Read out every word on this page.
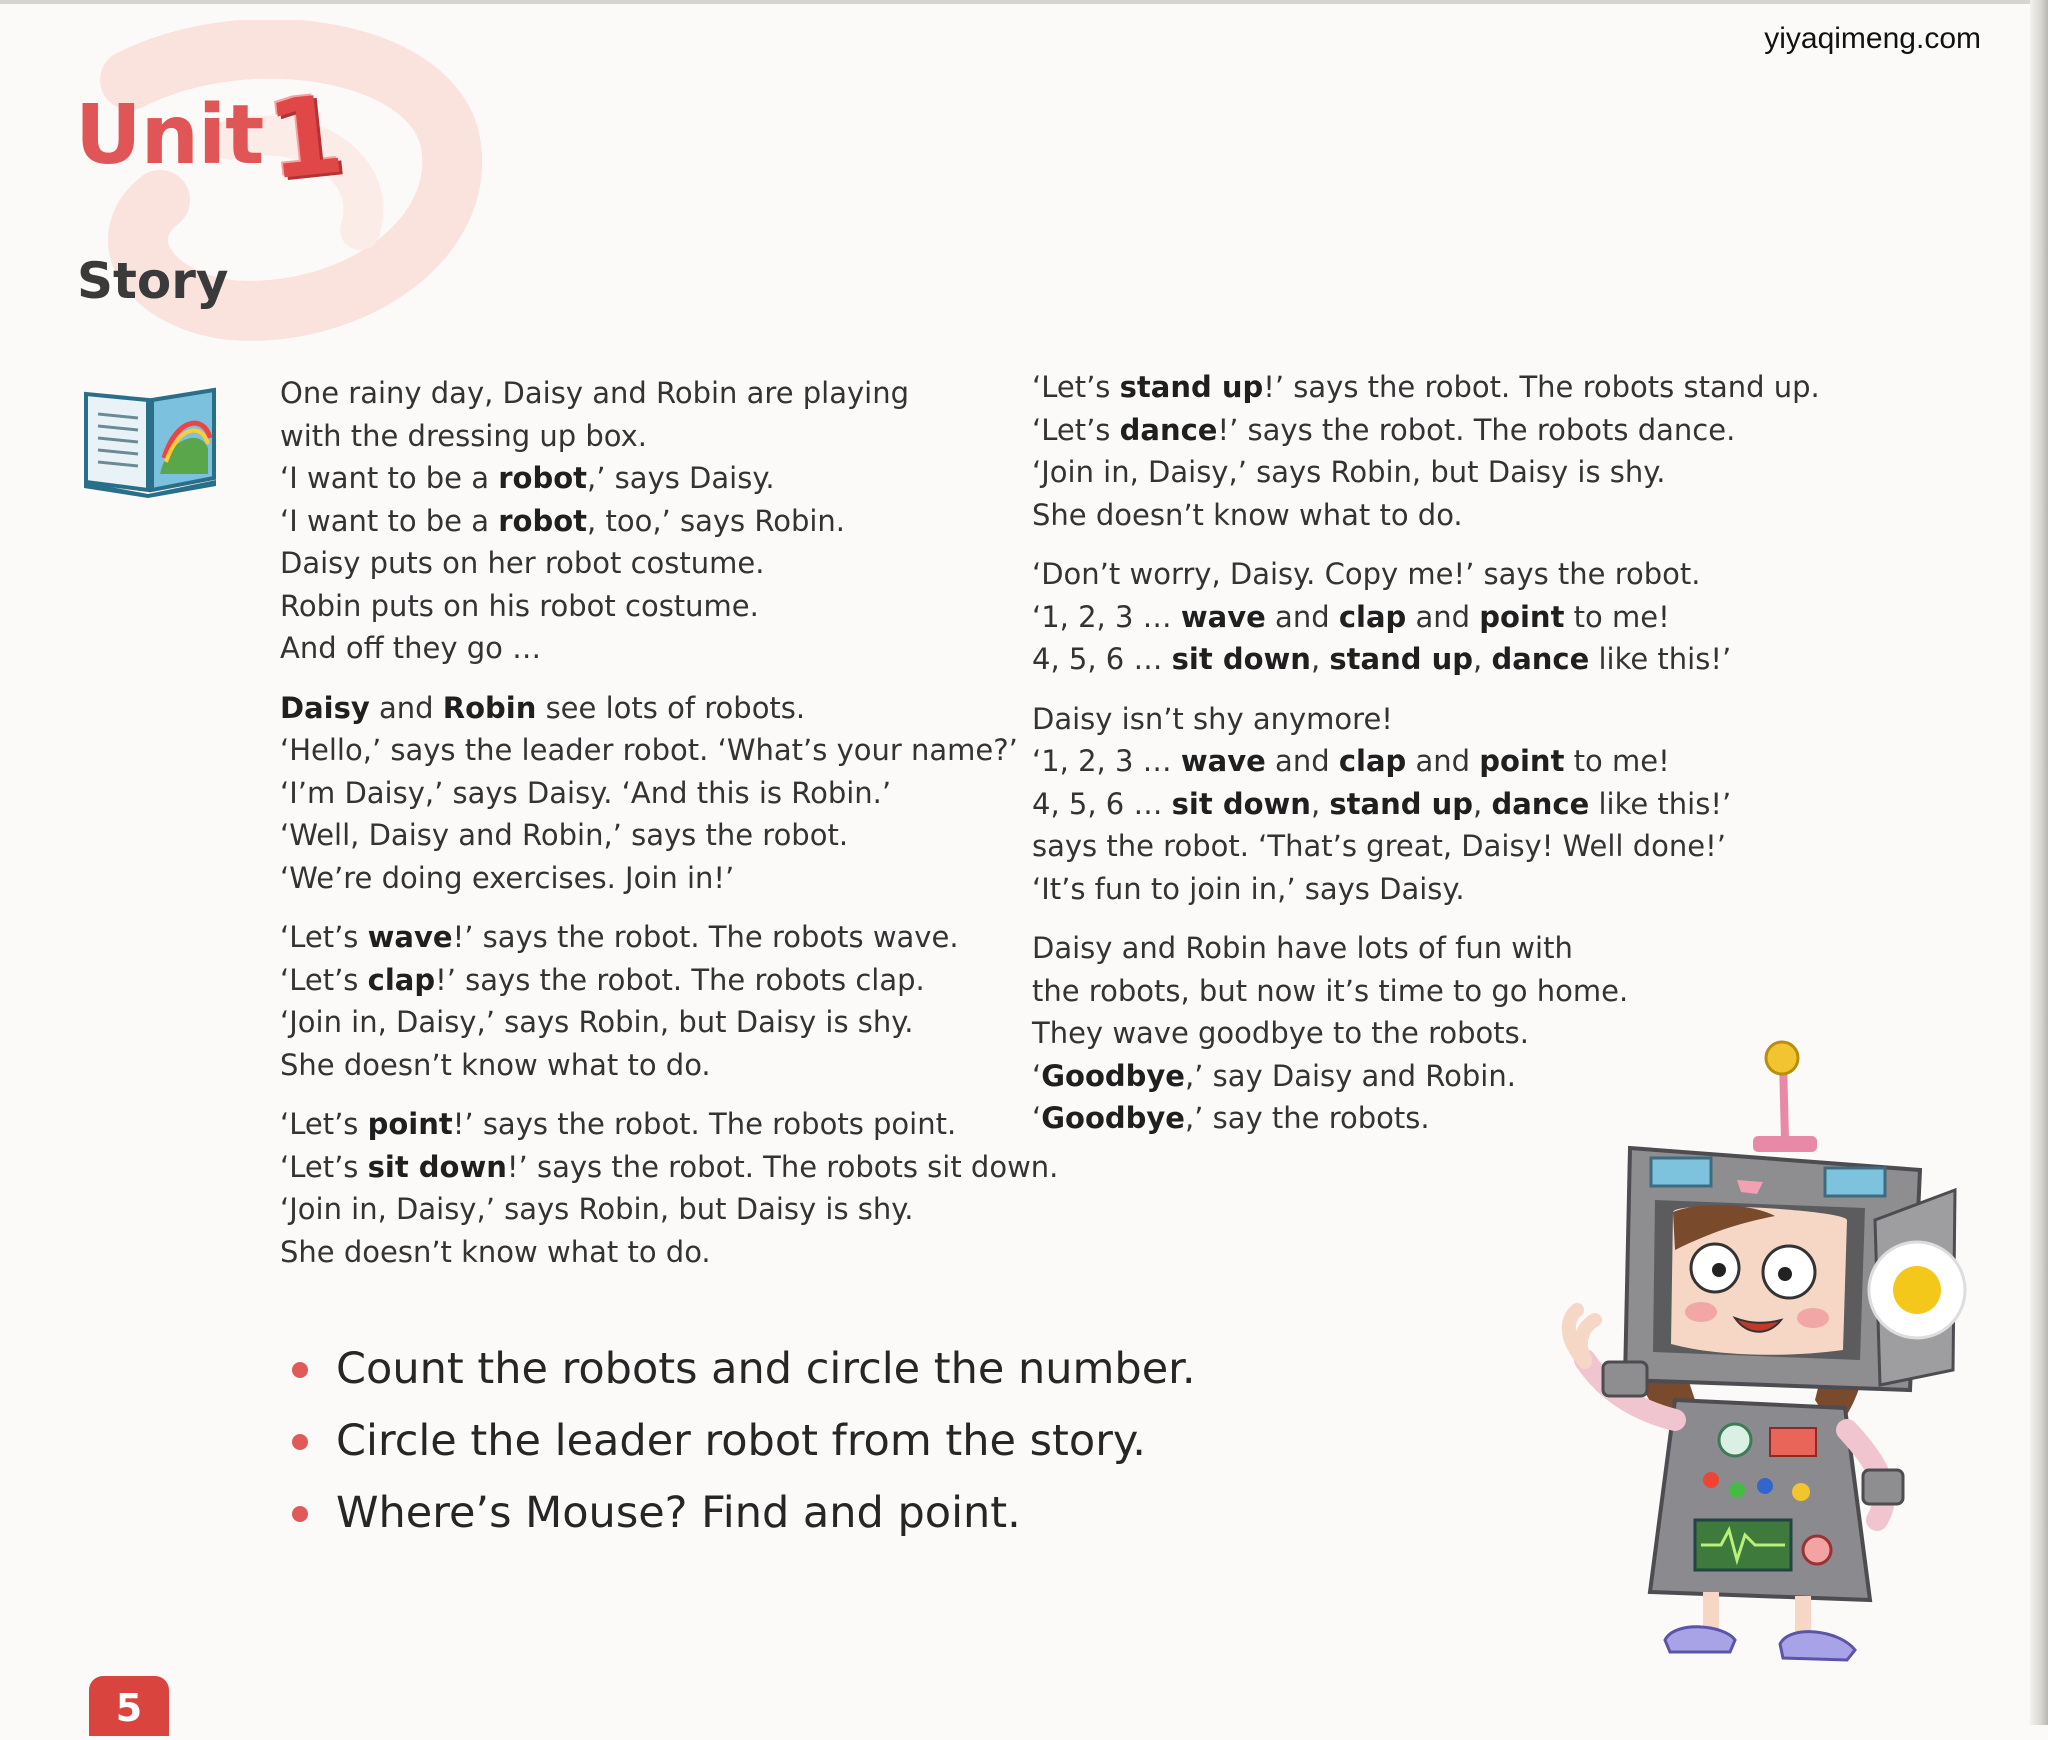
yiyaqimeng.com
Unit
1
Story
One rainy day, Daisy and Robin are playing
with the dressing up box.
‘I want to be a robot,’ says Daisy.
‘I want to be a robot, too,’ says Robin.
Daisy puts on her robot costume.
Robin puts on his robot costume.
And off they go …
Daisy and Robin see lots of robots.
‘Hello,’ says the leader robot. ‘What’s your name?’
‘I’m Daisy,’ says Daisy. ‘And this is Robin.’
‘Well, Daisy and Robin,’ says the robot.
‘We’re doing exercises. Join in!’
‘Let’s wave!’ says the robot. The robots wave.
‘Let’s clap!’ says the robot. The robots clap.
‘Join in, Daisy,’ says Robin, but Daisy is shy.
She doesn’t know what to do.
‘Let’s point!’ says the robot. The robots point.
‘Let’s sit down!’ says the robot. The robots sit down.
‘Join in, Daisy,’ says Robin, but Daisy is shy.
She doesn’t know what to do.
‘Let’s stand up!’ says the robot. The robots stand up.
‘Let’s dance!’ says the robot. The robots dance.
‘Join in, Daisy,’ says Robin, but Daisy is shy.
She doesn’t know what to do.
‘Don’t worry, Daisy. Copy me!’ says the robot.
‘1, 2, 3 … wave and clap and point to me!
4, 5, 6 … sit down, stand up, dance like this!’
Daisy isn’t shy anymore!
‘1, 2, 3 … wave and clap and point to me!
4, 5, 6 … sit down, stand up, dance like this!’
says the robot. ‘That’s great, Daisy! Well done!’
‘It’s fun to join in,’ says Daisy.
Daisy and Robin have lots of fun with
the robots, but now it’s time to go home.
They wave goodbye to the robots.
‘Goodbye,’ say Daisy and Robin.
‘Goodbye,’ say the robots.
Count the robots and circle the number.
Circle the leader robot from the story.
Where’s Mouse? Find and point.
5
